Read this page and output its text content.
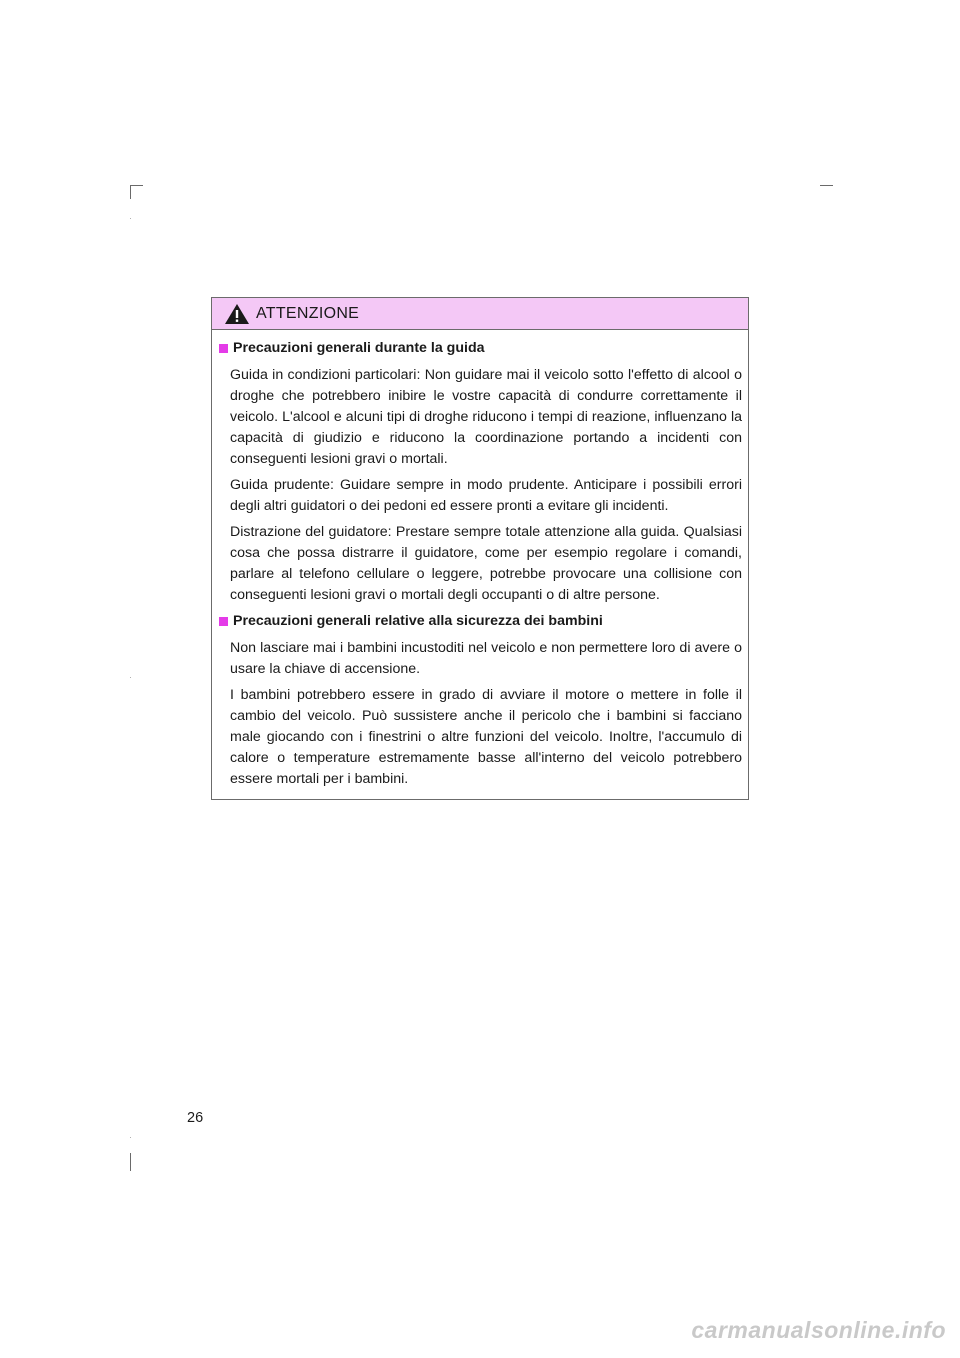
ATTENZIONE
Precauzioni generali durante la guida

Guida in condizioni particolari: Non guidare mai il veicolo sotto l'effetto di alcool o droghe che potrebbero inibire le vostre capacità di condurre correttamente il veicolo. L'alcool e alcuni tipi di droghe riducono i tempi di reazione, influenzano la capacità di giudizio e riducono la coordinazione portando a incidenti con conseguenti lesioni gravi o mortali.

Guida prudente: Guidare sempre in modo prudente. Anticipare i possibili errori degli altri guidatori o dei pedoni ed essere pronti a evitare gli incidenti.

Distrazione del guidatore: Prestare sempre totale attenzione alla guida. Qualsiasi cosa che possa distrarre il guidatore, come per esempio regolare i comandi, parlare al telefono cellulare o leggere, potrebbe provocare una collisione con conseguenti lesioni gravi o mortali degli occupanti o di altre persone.

Precauzioni generali relative alla sicurezza dei bambini

Non lasciare mai i bambini incustoditi nel veicolo e non permettere loro di avere o usare la chiave di accensione.

I bambini potrebbero essere in grado di avviare il motore o mettere in folle il cambio del veicolo. Può sussistere anche il pericolo che i bambini si facciano male giocando con i finestrini o altre funzioni del veicolo. Inoltre, l'accumulo di calore o temperature estremamente basse all'interno del veicolo potrebbero essere mortali per i bambini.

26
carmanualsonline.info
